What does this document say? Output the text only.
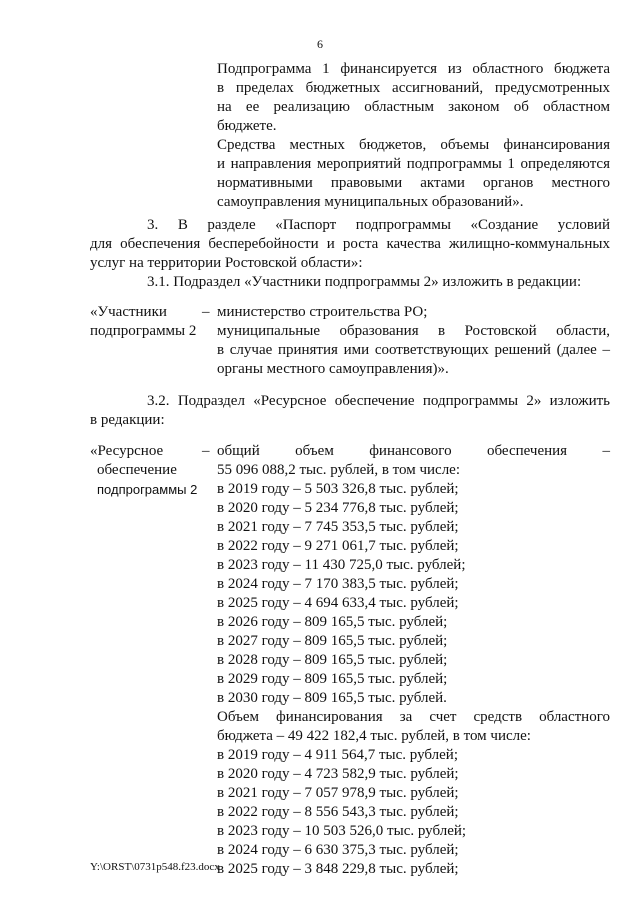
6
Подпрограмма 1 финансируется из областного бюджета
в пределах бюджетных ассигнований, предусмотренных
на ее реализацию областным законом об областном
бюджете.
Средства местных бюджетов, объемы финансирования
и направления мероприятий подпрограммы 1 определяются
нормативными правовыми актами органов местного
самоуправления муниципальных образований».
3. В разделе «Паспорт подпрограммы «Создание условий
для обеспечения бесперебойности и роста качества жилищно-коммунальных
услуг на территории Ростовской области»:
3.1. Подраздел «Участники подпрограммы 2» изложить в редакции:
«Участники
подпрограммы 2
– министерство строительства РО;
муниципальные образования в Ростовской области,
в случае принятия ими соответствующих решений (далее –
органы местного самоуправления)».
3.2. Подраздел «Ресурсное обеспечение подпрограммы 2» изложить
в редакции:
«Ресурсное
обеспечение
подпрограммы 2
– общий объем финансового обеспечения –
55 096 088,2 тыс. рублей, в том числе:
в 2019 году – 5 503 326,8 тыс. рублей;
в 2020 году – 5 234 776,8 тыс. рублей;
в 2021 году – 7 745 353,5 тыс. рублей;
в 2022 году – 9 271 061,7 тыс. рублей;
в 2023 году – 11 430 725,0 тыс. рублей;
в 2024 году – 7 170 383,5 тыс. рублей;
в 2025 году – 4 694 633,4 тыс. рублей;
в 2026 году – 809 165,5 тыс. рублей;
в 2027 году – 809 165,5 тыс. рублей;
в 2028 году – 809 165,5 тыс. рублей;
в 2029 году – 809 165,5 тыс. рублей;
в 2030 году – 809 165,5 тыс. рублей.
Объем финансирования за счет средств областного
бюджета – 49 422 182,4 тыс. рублей, в том числе:
в 2019 году – 4 911 564,7 тыс. рублей;
в 2020 году – 4 723 582,9 тыс. рублей;
в 2021 году – 7 057 978,9 тыс. рублей;
в 2022 году – 8 556 543,3 тыс. рублей;
в 2023 году – 10 503 526,0 тыс. рублей;
в 2024 году – 6 630 375,3 тыс. рублей;
в 2025 году – 3 848 229,8 тыс. рублей;
Y:\ORST\0731p548.f23.docx
